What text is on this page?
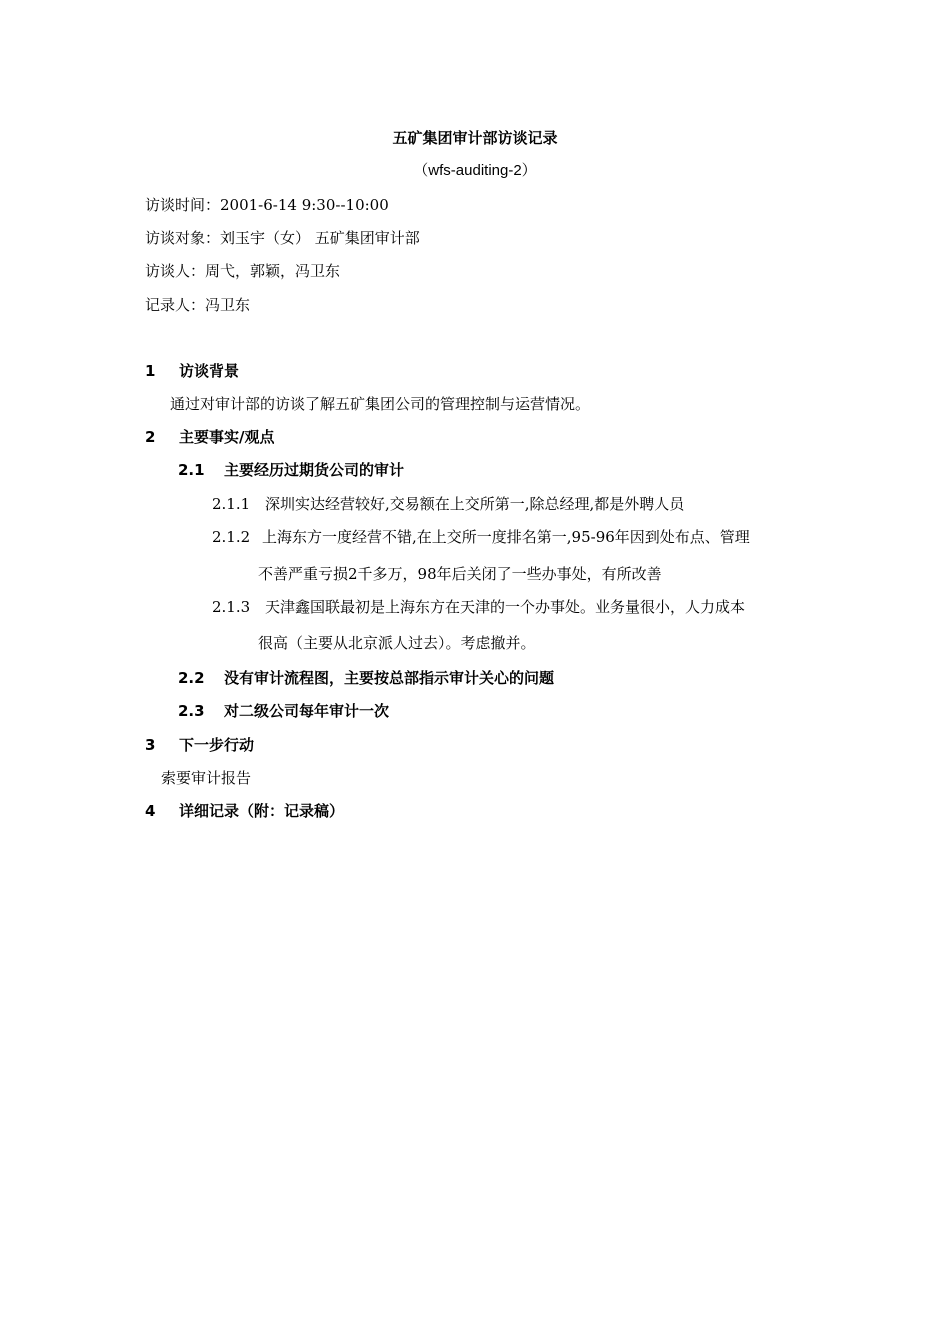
五矿集团审计部访谈记录
（wfs-auditing-2）
访谈时间：2001-6-14 9:30--10:00
访谈对象：刘玉宇（女） 五矿集团审计部
访谈人：周弋，郭颖，冯卫东
记录人：冯卫东
1 访谈背景
通过对审计部的访谈了解五矿集团公司的管理控制与运营情况。
2 主要事实/观点
2.1 主要经历过期货公司的审计
2.1.1 深圳实达经营较好,交易额在上交所第一,除总经理,都是外聘人员
2.1.2 上海东方一度经营不错,在上交所一度排名第一,95-96年因到处布点、管理
不善严重亏损2千多万，98年后关闭了一些办事处，有所改善
2.1.3 天津鑫国联最初是上海东方在天津的一个办事处。业务量很小，人力成本
很高（主要从北京派人过去）。考虑撤并。
2.2 没有审计流程图，主要按总部指示审计关心的问题
2.3 对二级公司每年审计一次
3 下一步行动
索要审计报告
4 详细记录（附：记录稿）
